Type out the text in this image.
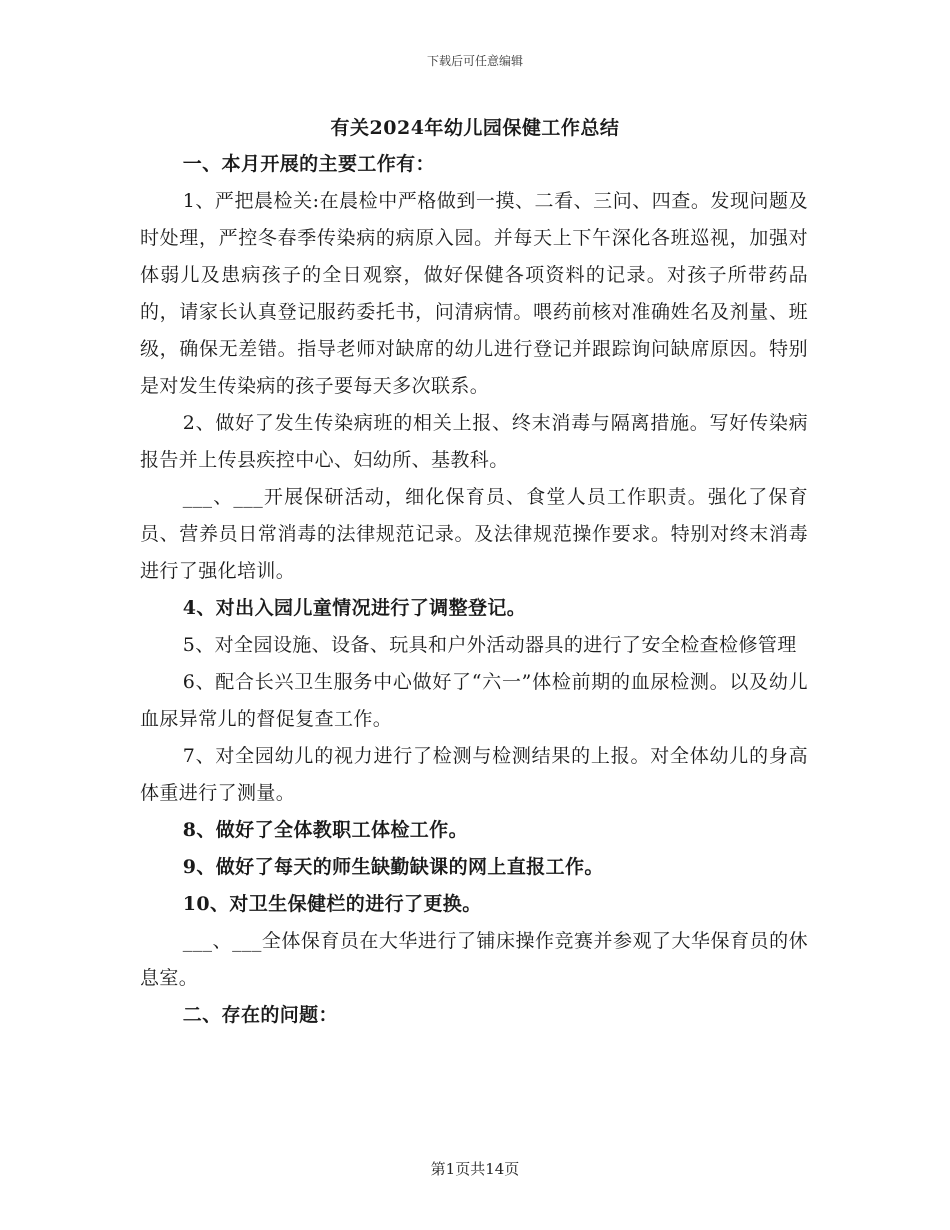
下载后可任意编辑
有关2024年幼儿园保健工作总结

一、本月开展的主要工作有：

1、严把晨检关:在晨检中严格做到一摸、二看、三问、四查。发现问题及时处理，严控冬春季传染病的病原入园。并每天上下午深化各班巡视，加强对体弱儿及患病孩子的全日观察，做好保健各项资料的记录。对孩子所带药品的，请家长认真登记服药委托书，问清病情。喂药前核对准确姓名及剂量、班级，确保无差错。指导老师对缺席的幼儿进行登记并跟踪询问缺席原因。特别是对发生传染病的孩子要每天多次联系。

2、做好了发生传染病班的相关上报、终末消毒与隔离措施。写好传染病报告并上传县疾控中心、妇幼所、基教科。

___、___开展保研活动，细化保育员、食堂人员工作职责。强化了保育员、营养员日常消毒的法律规范记录。及法律规范操作要求。特别对终末消毒进行了强化培训。

4、对出入园儿童情况进行了调整登记。

5、对全园设施、设备、玩具和户外活动器具的进行了安全检查检修管理

6、配合长兴卫生服务中心做好了“六一”体检前期的血尿检测。以及幼儿血尿异常儿的督促复查工作。

7、对全园幼儿的视力进行了检测与检测结果的上报。对全体幼儿的身高体重进行了测量。

8、做好了全体教职工体检工作。

9、做好了每天的师生缺勤缺课的网上直报工作。

10、对卫生保健栏的进行了更换。

___、___全体保育员在大华进行了铺床操作竞赛并参观了大华保育员的休息室。

二、存在的问题：

第1页共14页
